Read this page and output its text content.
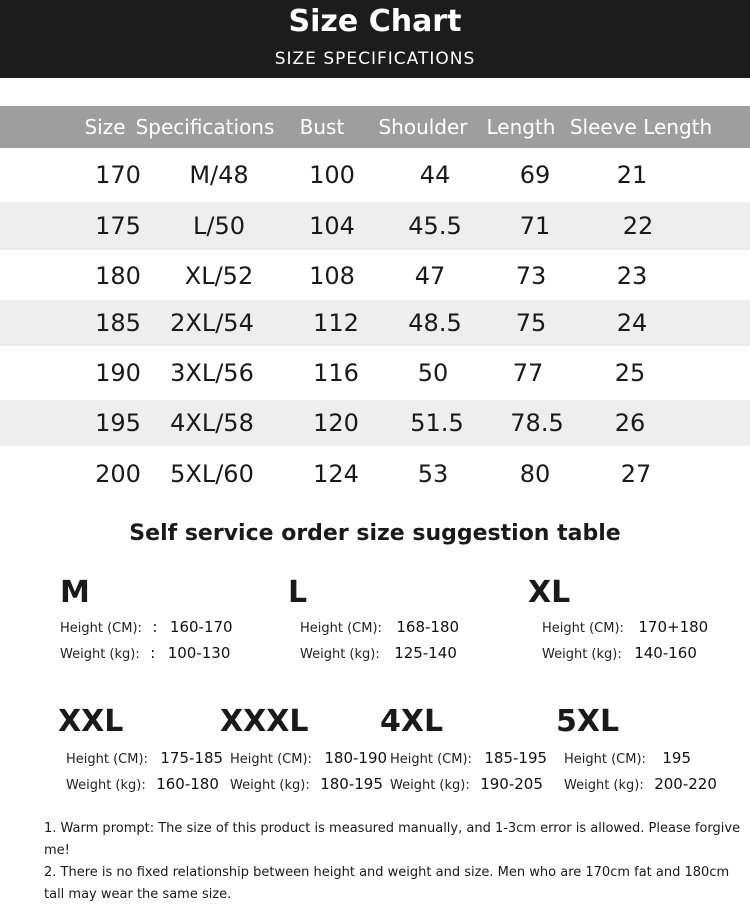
Size Chart
SIZE SPECIFICATIONS
Size Specifications Bust Shoulder Length Sleeve Length
170	M/48	100	44	69	21
175	L/50	104	45.5	71	22
180	XL/52	108	47	73	23
185	2XL/54	112	48.5	75	24
190	3XL/56	116	50	77	25
195	4XL/58	120	51.5	78.5	26
200	5XL/60	124	53	80	27
Self service order size suggestion table
M
Height (CM): : 160-170
Weight (kg): : 100-130
L
Height (CM): 168-180
Weight (kg): 125-140
XL
Height (CM): 170+180
Weight (kg): 140-160
XXL
Height (CM): 175-185
Weight (kg): 160-180
XXXL
Height (CM): 180-190
Weight (kg): 180-195
4XL
Height (CM): 185-195
Weight (kg): 190-205
5XL
Height (CM): 195
Weight (kg): 200-220

1. Warm prompt: The size of this product is measured manually, and 1-3cm error is allowed. Please forgive me!

2. There is no fixed relationship between height and weight and size. Men who are 170cm fat and 180cm tall may wear the same size.
